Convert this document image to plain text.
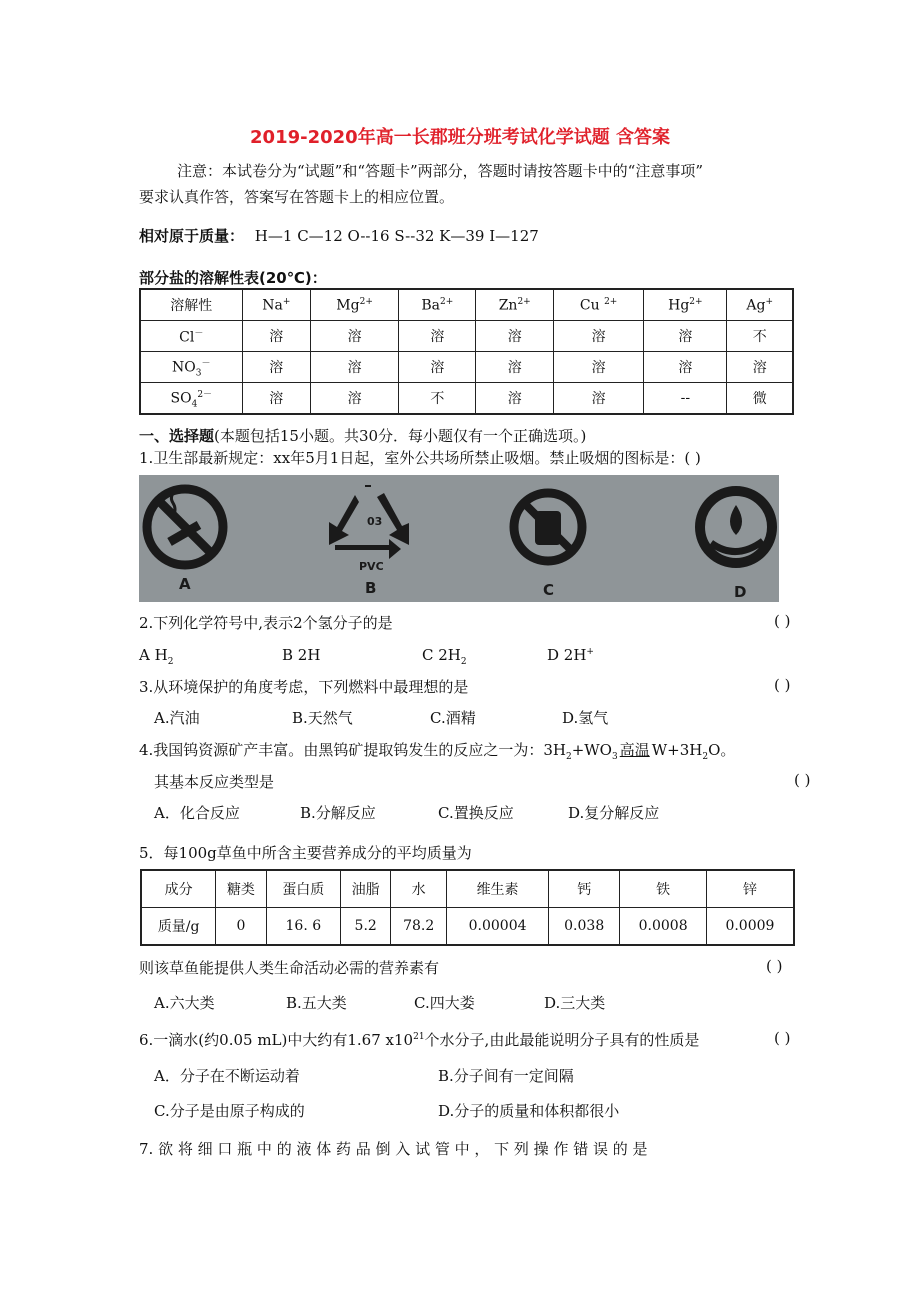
2019-2020年高一长郡班分班考试化学试题 含答案
注意：本试卷分为“试题”和“答题卡”两部分，答题时请按答题卡中的“注意事项”
要求认真作答，答案写在答题卡上的相应位置。
相对原于质量： H—1 C—12 O--16 S--32 K—39 I—127
部分盐的溶解性表(20℃)：
溶解性	Na+	$Mg^{2+}$	$Ba^{2+}$	$Zn^{2+}$	Cu $^{2+}$	$Hg^{2+}$	Ag+
Cl－	溶	溶	溶	溶	溶	溶	不
$NO_3^-$	溶	溶	溶	溶	溶	溶	溶
$SO_4^{2-}$	溶	溶	不	溶	溶	--	微
一、选择题(本题包括15小题。共30分．每小题仅有一个正确选项。)
1.卫生部最新规定：xx年5月1日起，室外公共场所禁止吸烟。禁止吸烟的图标是：( )
03
PVC
A	B	C	D
2.下列化学符号中,表示2个氢分子的是	( )
A $H_2$	B 2H	C $2H_2$	D 2H+
3.从环境保护的角度考虑，下列燃料中最理想的是	( )
A.汽油	B.天然气	C.酒精	D.氢气
4.我国钨资源矿产丰富。由黑钨矿提取钨发生的反应之一为：$3H_2+WO_3$ 高温 $W+3H_2O$。
其基本反应类型是	( )
A．化合反应	B.分解反应	C.置换反应	D.复分解反应
5．每100g草鱼中所含主要营养成分的平均质量为
成分	糖类	蛋白质	油脂	水	维生素	钙	铁	锌
质量/g	0	16. 6	5.2	78.2	0.00004	0.038	0.0008	0.0009
则该草鱼能提供人类生命活动必需的营养素有	( )
A.六大类	B.五大类	C.四大娄	D.三大类
6.一滴水(约0.05 mL)中大约有1.67 $x10^{21}$个水分子,由此最能说明分子具有的性质是	( )
A．分子在不断运动着	B.分子间有一定间隔
C.分子是由原子构成的	D.分子的质量和体积都很小
7. 欲 将 细 口 瓶 中 的 液 体 药 品 倒 入 试 管 中 ， 下 列 操 作 错 误 的 是
